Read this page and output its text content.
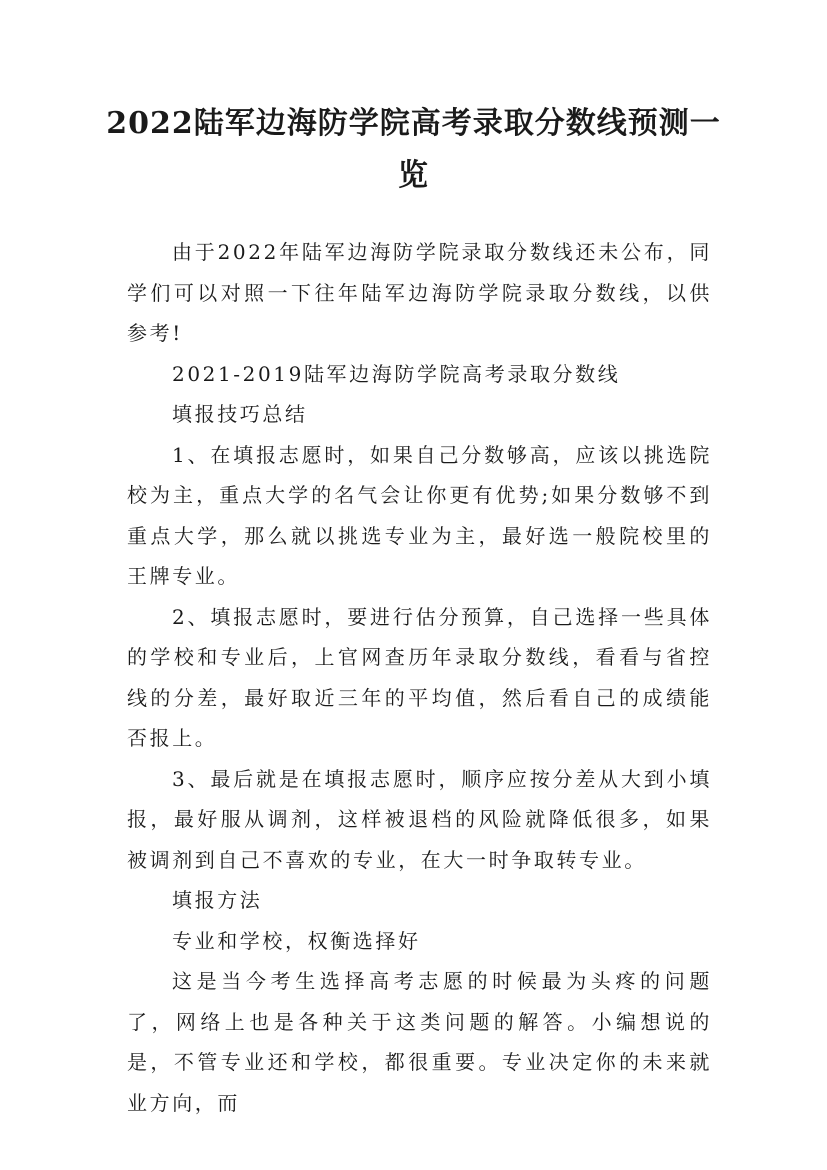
2022陆军边海防学院高考录取分数线预测一览

由于2022年陆军边海防学院录取分数线还未公布，同学们可以对照一下往年陆军边海防学院录取分数线，以供参考!

2021-2019陆军边海防学院高考录取分数线

填报技巧总结

1、在填报志愿时，如果自己分数够高，应该以挑选院校为主，重点大学的名气会让你更有优势;如果分数够不到重点大学，那么就以挑选专业为主，最好选一般院校里的王牌专业。

2、填报志愿时，要进行估分预算，自己选择一些具体的学校和专业后，上官网查历年录取分数线，看看与省控线的分差，最好取近三年的平均值，然后看自己的成绩能否报上。

3、最后就是在填报志愿时，顺序应按分差从大到小填报，最好服从调剂，这样被退档的风险就降低很多，如果被调剂到自己不喜欢的专业，在大一时争取转专业。

填报方法

专业和学校，权衡选择好

这是当今考生选择高考志愿的时候最为头疼的问题了，网络上也是各种关于这类问题的解答。小编想说的是，不管专业还和学校，都很重要。专业决定你的未来就业方向，而
